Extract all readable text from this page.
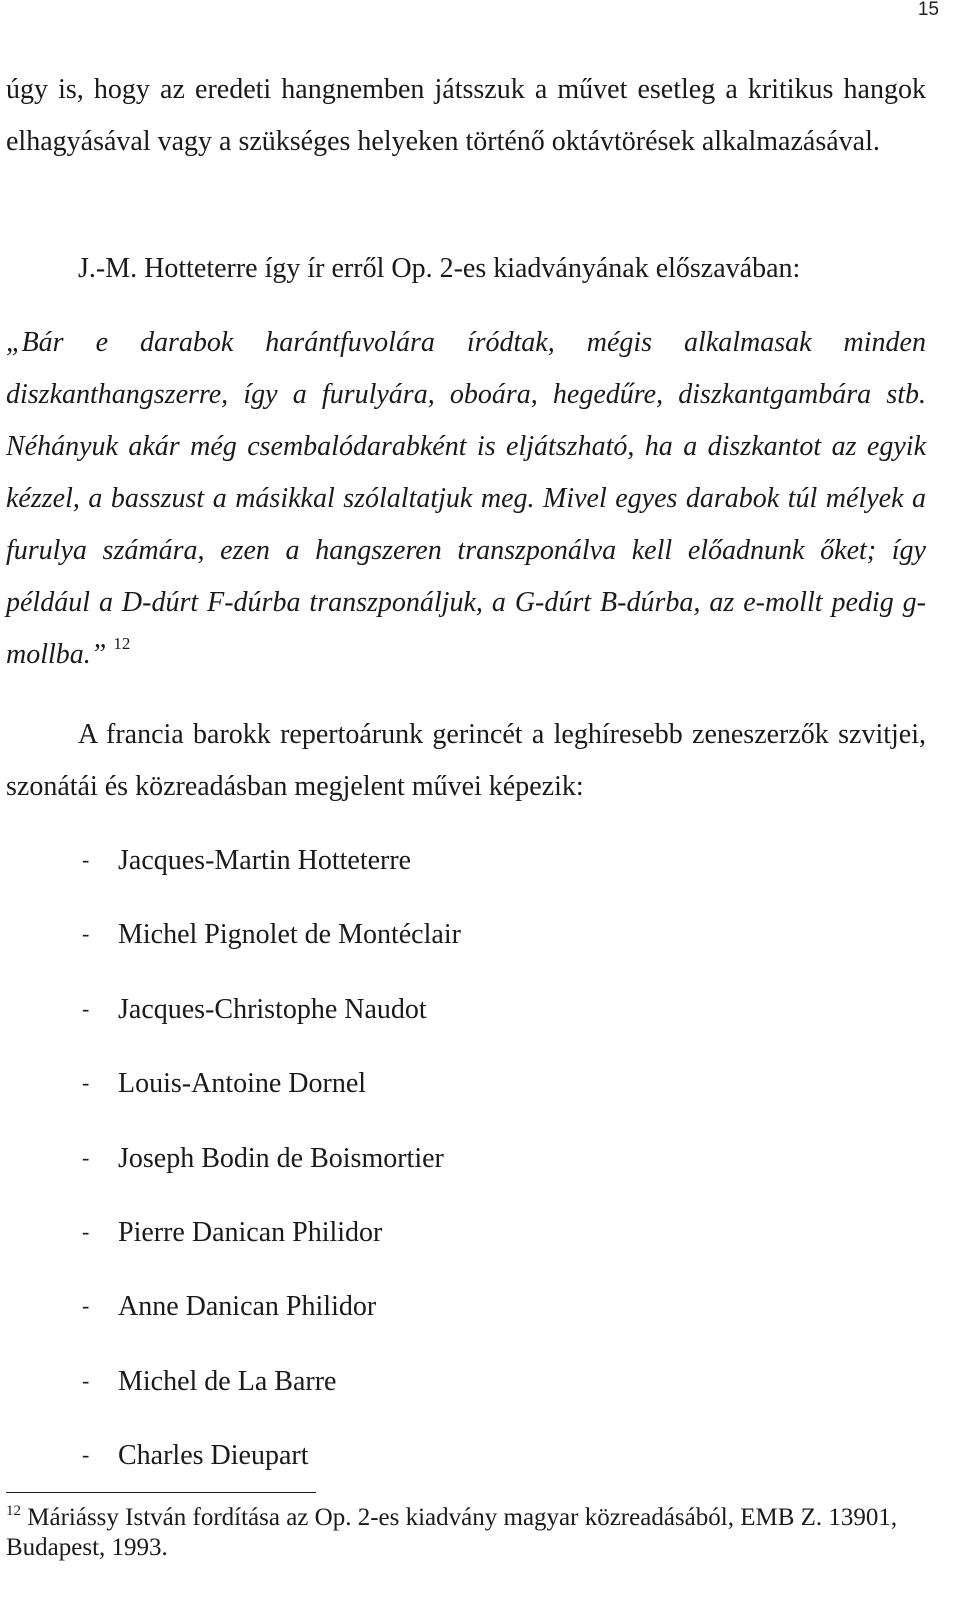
15

úgy is, hogy az eredeti hangnemben játsszuk a művet esetleg a kritikus hangok elhagyásával vagy a szükséges helyeken történő oktávtörések alkalmazásával.

J.-M. Hotteterre így ír erről Op. 2-es kiadványának előszavában:

„Bár e darabok harántfuvolára íródtak, mégis alkalmasak minden diszkanthangszerre, így a furulyára, oboára, hegedűre, diszkantgambára stb. Néhányuk akár még csembalódarabként is eljátszható, ha a diszkantot az egyik kézzel, a basszust a másikkal szólaltatjuk meg. Mivel egyes darabok túl mélyek a furulya számára, ezen a hangszeren transzponálva kell előadnunk őket; így például a D-dúrt F-dúrba transzponáljuk, a G-dúrt B-dúrba, az e-mollt pedig g-mollba.” $^{12}$

A francia barokk repertoárunk gerincét a leghíresebb zeneszerzők szvitjei, szonátái és közreadásban megjelent művei képezik:

- Jacques-Martin Hotteterre
- Michel Pignolet de Montéclair
- Jacques-Christophe Naudot
- Louis-Antoine Dornel
- Joseph Bodin de Boismortier
- Pierre Danican Philidor
- Anne Danican Philidor
- Michel de La Barre
- Charles Dieupart

$^{12}$ Máriássy István fordítása az Op. 2-es kiadvány magyar közreadásából, EMB Z. 13901, Budapest, 1993.
